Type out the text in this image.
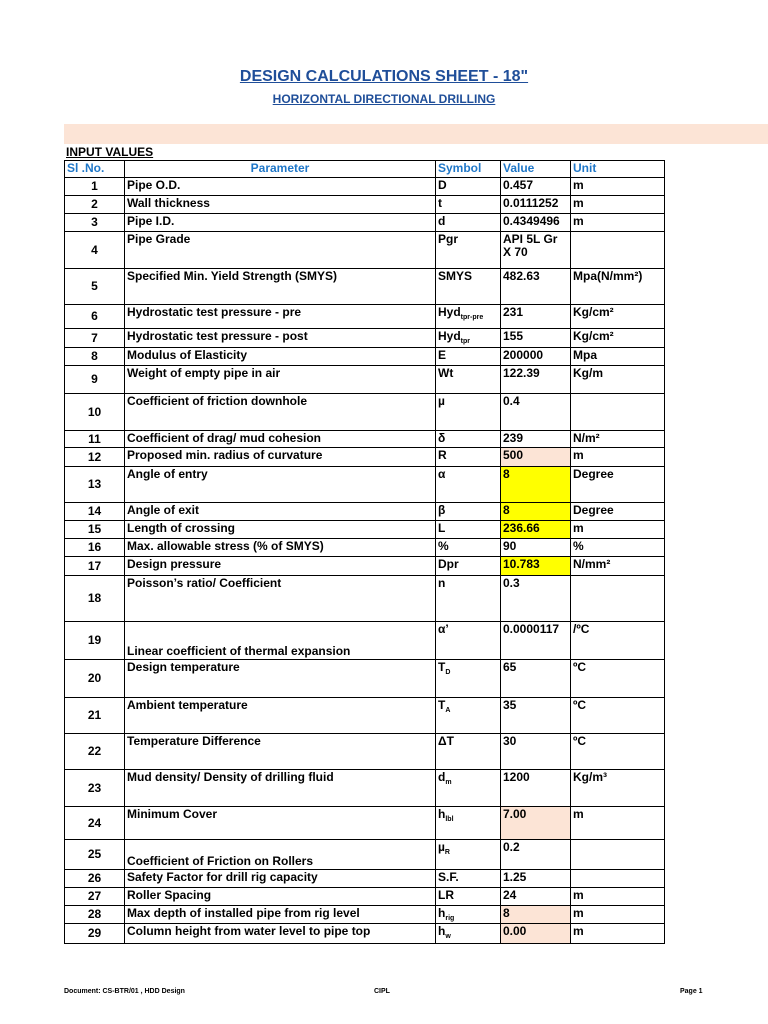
DESIGN CALCULATIONS SHEET - 18"
HORIZONTAL DIRECTIONAL DRILLING
INPUT VALUES
Sl .No.	Parameter	Symbol	Value	Unit
1	Pipe O.D.	D	0.457	m
2	Wall thickness	t	0.0111252	m
3	Pipe I.D.	d	0.4349496	m
4	Pipe Grade	Pgr	API 5L Gr X 70	
5	Specified Min. Yield Strength (SMYS)	SMYS	482.63	Mpa(N/mm²)
6	Hydrostatic test pressure - pre	Hyd$_{tpr-pre}$	231	Kg/cm²
7	Hydrostatic test pressure - post	Hyd$_{tpr}$	155	Kg/cm²
8	Modulus of Elasticity	E	200000	Mpa
9	Weight of empty pipe in air	Wt	122.39	Kg/m
10	Coefficient of friction downhole	µ	0.4	
11	Coefficient of drag/ mud cohesion	δ	239	N/m²
12	Proposed min. radius of curvature	R	500	m
13	Angle of entry	α	8	Degree
14	Angle of exit	β	8	Degree
15	Length of crossing	L	236.66	m
16	Max. allowable stress (% of SMYS)	%	90	%
17	Design pressure	Dpr	10.783	N/mm²
18	Poisson’s ratio/ Coefficient	n	0.3	
19	Linear coefficient of thermal expansion	α’	0.0000117	/ºC
20	Design temperature	$T_D$	65	ºC
21	Ambient temperature	$T_A$	35	ºC
22	Temperature Difference	ΔT	30	ºC
23	Mud density/ Density of drilling fluid	$d_m$	1200	Kg/m³
24	Minimum Cover	$h_{lbl}$	7.00	m
25	Coefficient of Friction on Rollers	µ$_R$	0.2	
26	Safety Factor for drill rig capacity	S.F.	1.25	
27	Roller Spacing	LR	24	m
28	Max depth of installed pipe from rig level	$h_{rig}$	8	m
29	Column height from water level to pipe top	$h_w$	0.00	m
Document: CS-BTR/01 , HDD Design	CIPL	Page 1
